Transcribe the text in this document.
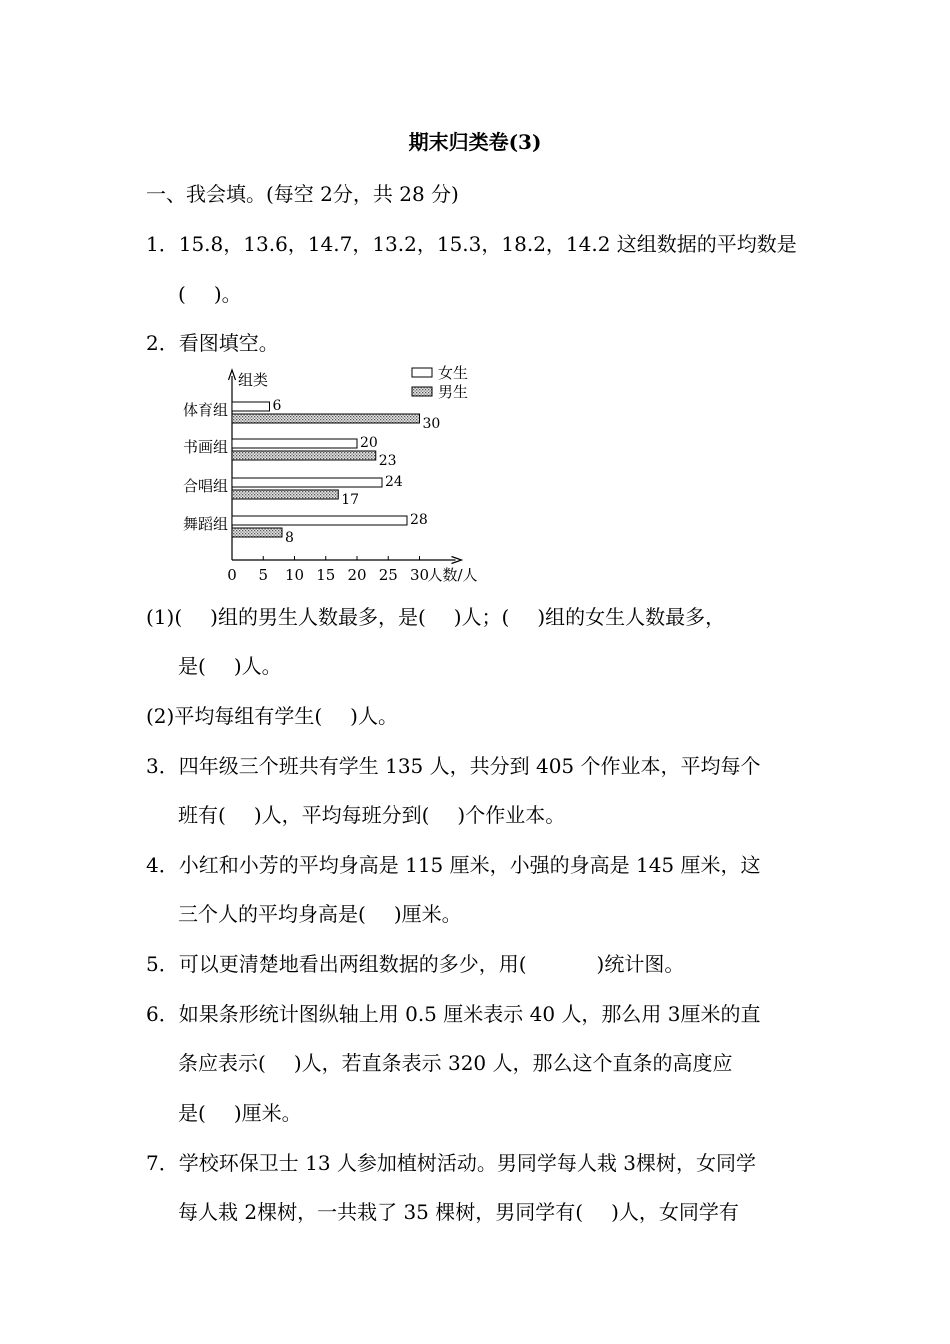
期末归类卷(3)
一、我会填。(每空 2分，共 28 分)
1．15.8，13.6，14.7，13.2，15.3，18.2，14.2 这组数据的平均数是
( )。
2．看图填空。
组类
人数/人
0 5 10 15 20 25 30
女生
男生
体育组	6
30
书画组	20
23
合唱组	24
17
舞蹈组	28
8
(1)( )组的男生人数最多，是( )人；( )组的女生人数最多，
是( )人。
(2)平均每组有学生( )人。
3．四年级三个班共有学生 135 人，共分到 405 个作业本，平均每个
班有( )人，平均每班分到( )个作业本。
4．小红和小芳的平均身高是 115 厘米，小强的身高是 145 厘米，这
三个人的平均身高是( )厘米。
5．可以更清楚地看出两组数据的多少，用(	)统计图。
6．如果条形统计图纵轴上用 0.5 厘米表示 40 人，那么用 3厘米的直
条应表示( )人，若直条表示 320 人，那么这个直条的高度应
是( )厘米。
7．学校环保卫士 13 人参加植树活动。男同学每人栽 3棵树，女同学
每人栽 2棵树，一共栽了 35 棵树，男同学有( )人，女同学有
